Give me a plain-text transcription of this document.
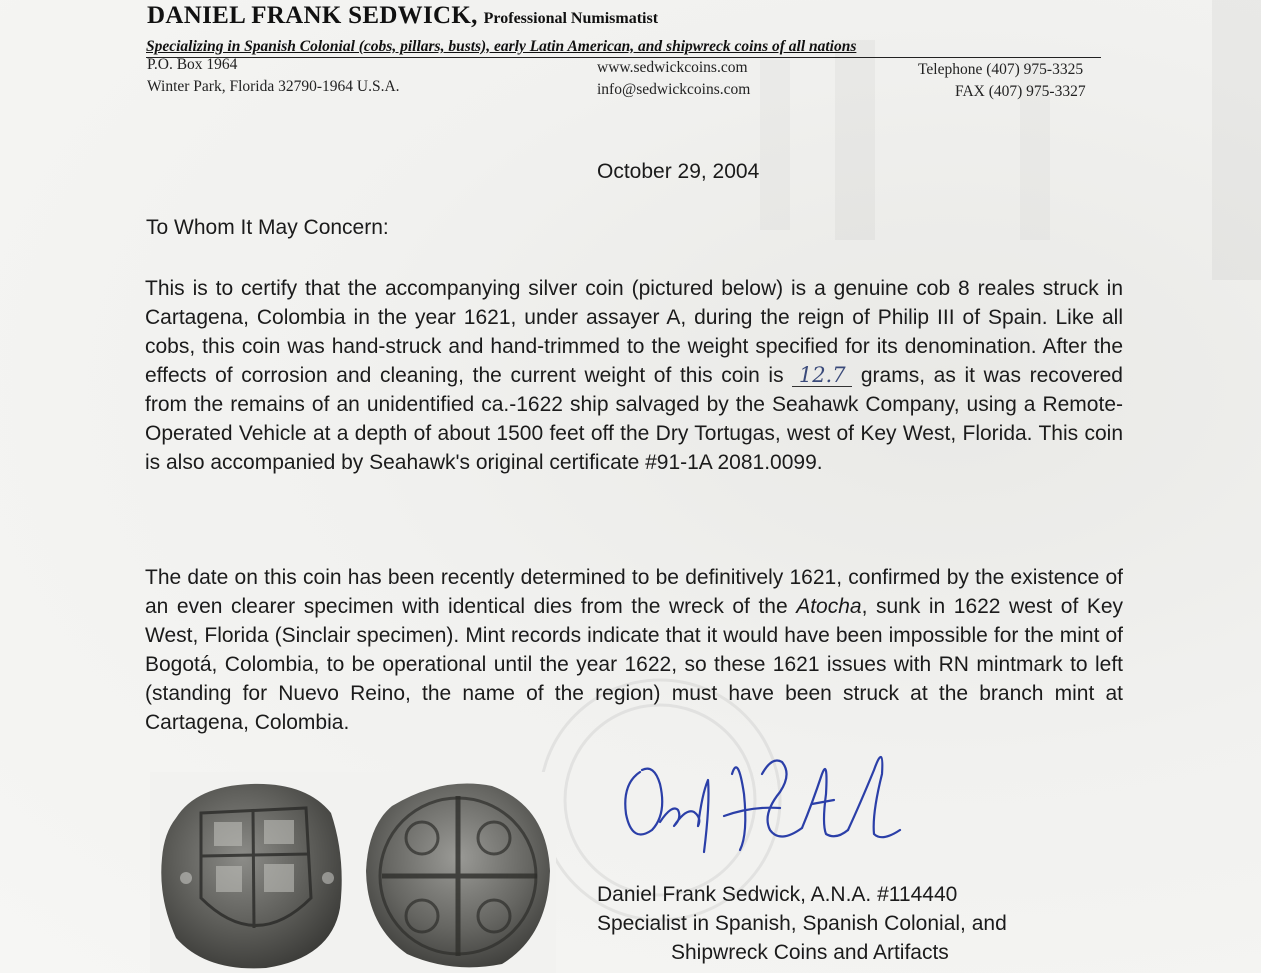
DANIEL FRANK SEDWICK, Professional Numismatist
Specializing in Spanish Colonial (cobs, pillars, busts), early Latin American, and shipwreck coins of all nations
P.O. Box 1964
Winter Park, Florida 32790-1964 U.S.A.
www.sedwickcoins.com
info@sedwickcoins.com
Telephone (407) 975-3325
FAX (407) 975-3327
October 29, 2004
To Whom It May Concern:
This is to certify that the accompanying silver coin (pictured below) is a genuine cob 8 reales struck in Cartagena, Colombia in the year 1621, under assayer A, during the reign of Philip III of Spain. Like all cobs, this coin was hand-struck and hand-trimmed to the weight specified for its denomination. After the effects of corrosion and cleaning, the current weight of this coin is 12.7 grams, as it was recovered from the remains of an unidentified ca.-1622 ship salvaged by the Seahawk Company, using a Remote-Operated Vehicle at a depth of about 1500 feet off the Dry Tortugas, west of Key West, Florida. This coin is also accompanied by Seahawk's original certificate #91-1A 2081.0099.
The date on this coin has been recently determined to be definitively 1621, confirmed by the existence of an even clearer specimen with identical dies from the wreck of the Atocha, sunk in 1622 west of Key West, Florida (Sinclair specimen). Mint records indicate that it would have been impossible for the mint of Bogotá, Colombia, to be operational until the year 1622, so these 1621 issues with RN mintmark to left (standing for Nuevo Reino, the name of the region) must have been struck at the branch mint at Cartagena, Colombia.
Daniel Frank Sedwick, A.N.A. #114440
Specialist in Spanish, Spanish Colonial, and
Shipwreck Coins and Artifacts
